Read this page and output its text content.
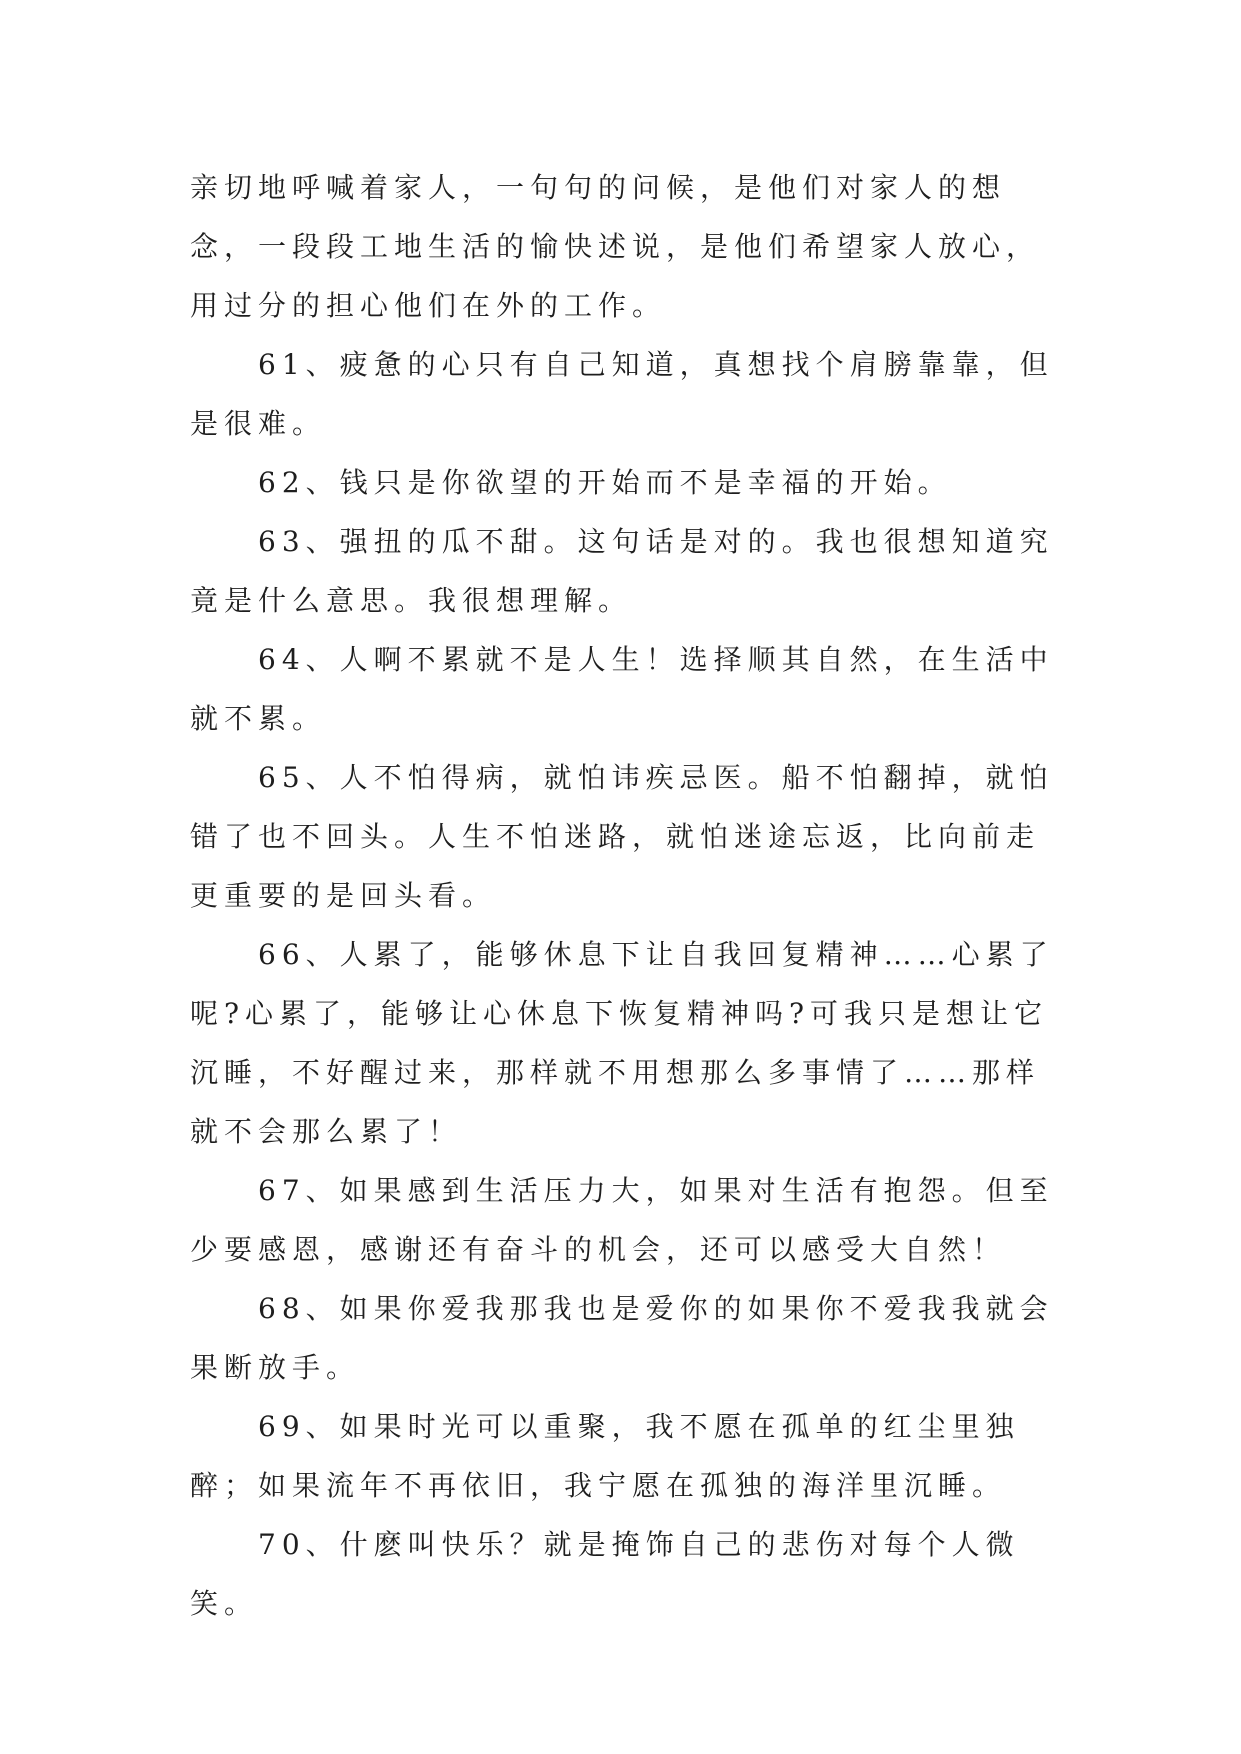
亲切地呼喊着家人，一句句的问候，是他们对家人的想念，一段段工地生活的愉快述说，是他们希望家人放心，用过分的担心他们在外的工作。

61、疲惫的心只有自己知道，真想找个肩膀靠靠，但是很难。

62、钱只是你欲望的开始而不是幸福的开始。

63、强扭的瓜不甜。这句话是对的。我也很想知道究竟是什么意思。我很想理解。

64、人啊不累就不是人生！选择顺其自然，在生活中就不累。

65、人不怕得病，就怕讳疾忌医。船不怕翻掉，就怕错了也不回头。人生不怕迷路，就怕迷途忘返，比向前走更重要的是回头看。

66、人累了，能够休息下让自我回复精神……心累了呢?心累了，能够让心休息下恢复精神吗?可我只是想让它沉睡，不好醒过来，那样就不用想那么多事情了……那样就不会那么累了！

67、如果感到生活压力大，如果对生活有抱怨。但至少要感恩，感谢还有奋斗的机会，还可以感受大自然！

68、如果你爱我那我也是爱你的如果你不爱我我就会果断放手。

69、如果时光可以重聚，我不愿在孤单的红尘里独醉；如果流年不再依旧，我宁愿在孤独的海洋里沉睡。

70、什麽叫快乐？就是掩饰自己的悲伤对每个人微笑。
